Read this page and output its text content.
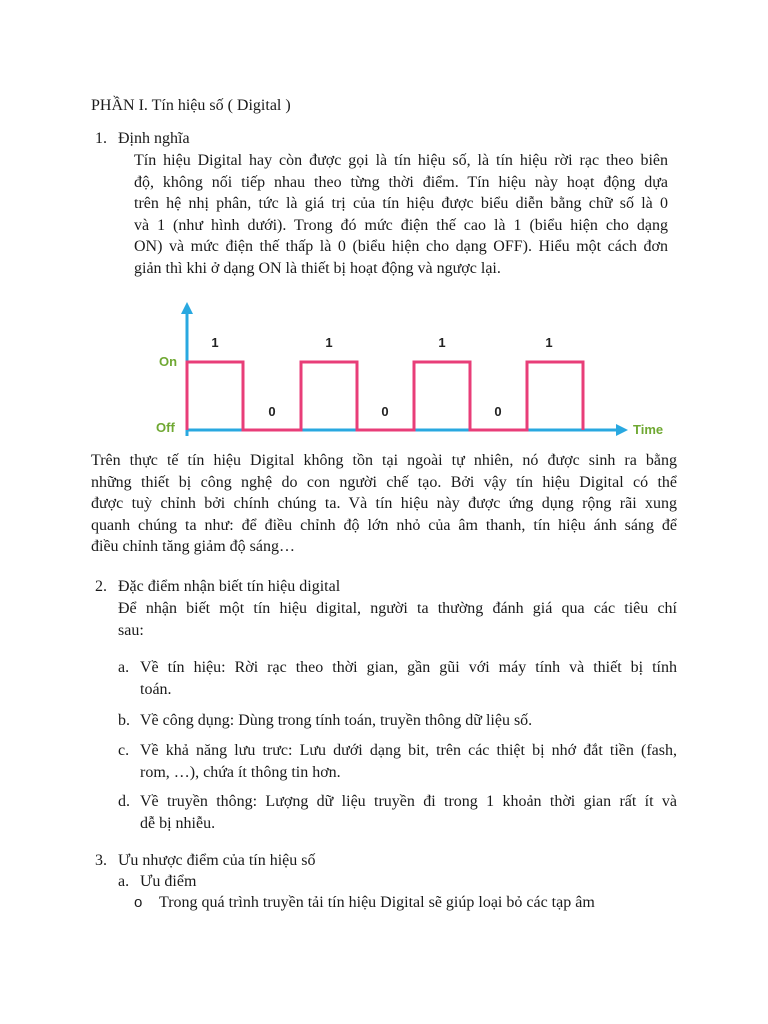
PHẦN I. Tín hiệu số ( Digital )
1. Định nghĩa
Tín hiệu Digital hay còn được gọi là tín hiệu số, là tín hiệu rời rạc theo biên
độ, không nối tiếp nhau theo từng thời điểm. Tín hiệu này hoạt động dựa
trên hệ nhị phân, tức là giá trị của tín hiệu được biểu diễn bằng chữ số là 0
và 1 (như hình dưới). Trong đó mức điện thế cao là 1 (biểu hiện cho dạng
ON) và mức điện thế thấp là 0 (biểu hiện cho dạng OFF). Hiểu một cách đơn
giản thì khi ở dạng ON là thiết bị hoạt động và ngược lại.
On
Off	Time
1
0
1
0
1
0
1
Trên thực tế tín hiệu Digital không tồn tại ngoài tự nhiên, nó được sinh ra bằng
những thiết bị công nghệ do con người chế tạo. Bởi vậy tín hiệu Digital có thể
được tuỳ chỉnh bởi chính chúng ta. Và tín hiệu này được ứng dụng rộng rãi xung
quanh chúng ta như: để điều chỉnh độ lớn nhỏ của âm thanh, tín hiệu ánh sáng để
điều chỉnh tăng giảm độ sáng…
2. Đặc điểm nhận biết tín hiệu digital
Để nhận biết một tín hiệu digital, người ta thường đánh giá qua các tiêu chí
sau:
a. Về tín hiệu: Rời rạc theo thời gian, gần gũi với máy tính và thiết bị tính
toán.
b. Về công dụng: Dùng trong tính toán, truyền thông dữ liệu số.
c. Về khả năng lưu trưc: Lưu dưới dạng bit, trên các thiệt bị nhớ đắt tiền (fash,
rom, …), chứa ít thông tin hơn.
d. Về truyền thông: Lượng dữ liệu truyền đi trong 1 khoản thời gian rất ít và
dễ bị nhiễu.
3. Ưu nhược điểm của tín hiệu số
a. Ưu điểm
o Trong quá trình truyền tải tín hiệu Digital sẽ giúp loại bỏ các tạp âm
